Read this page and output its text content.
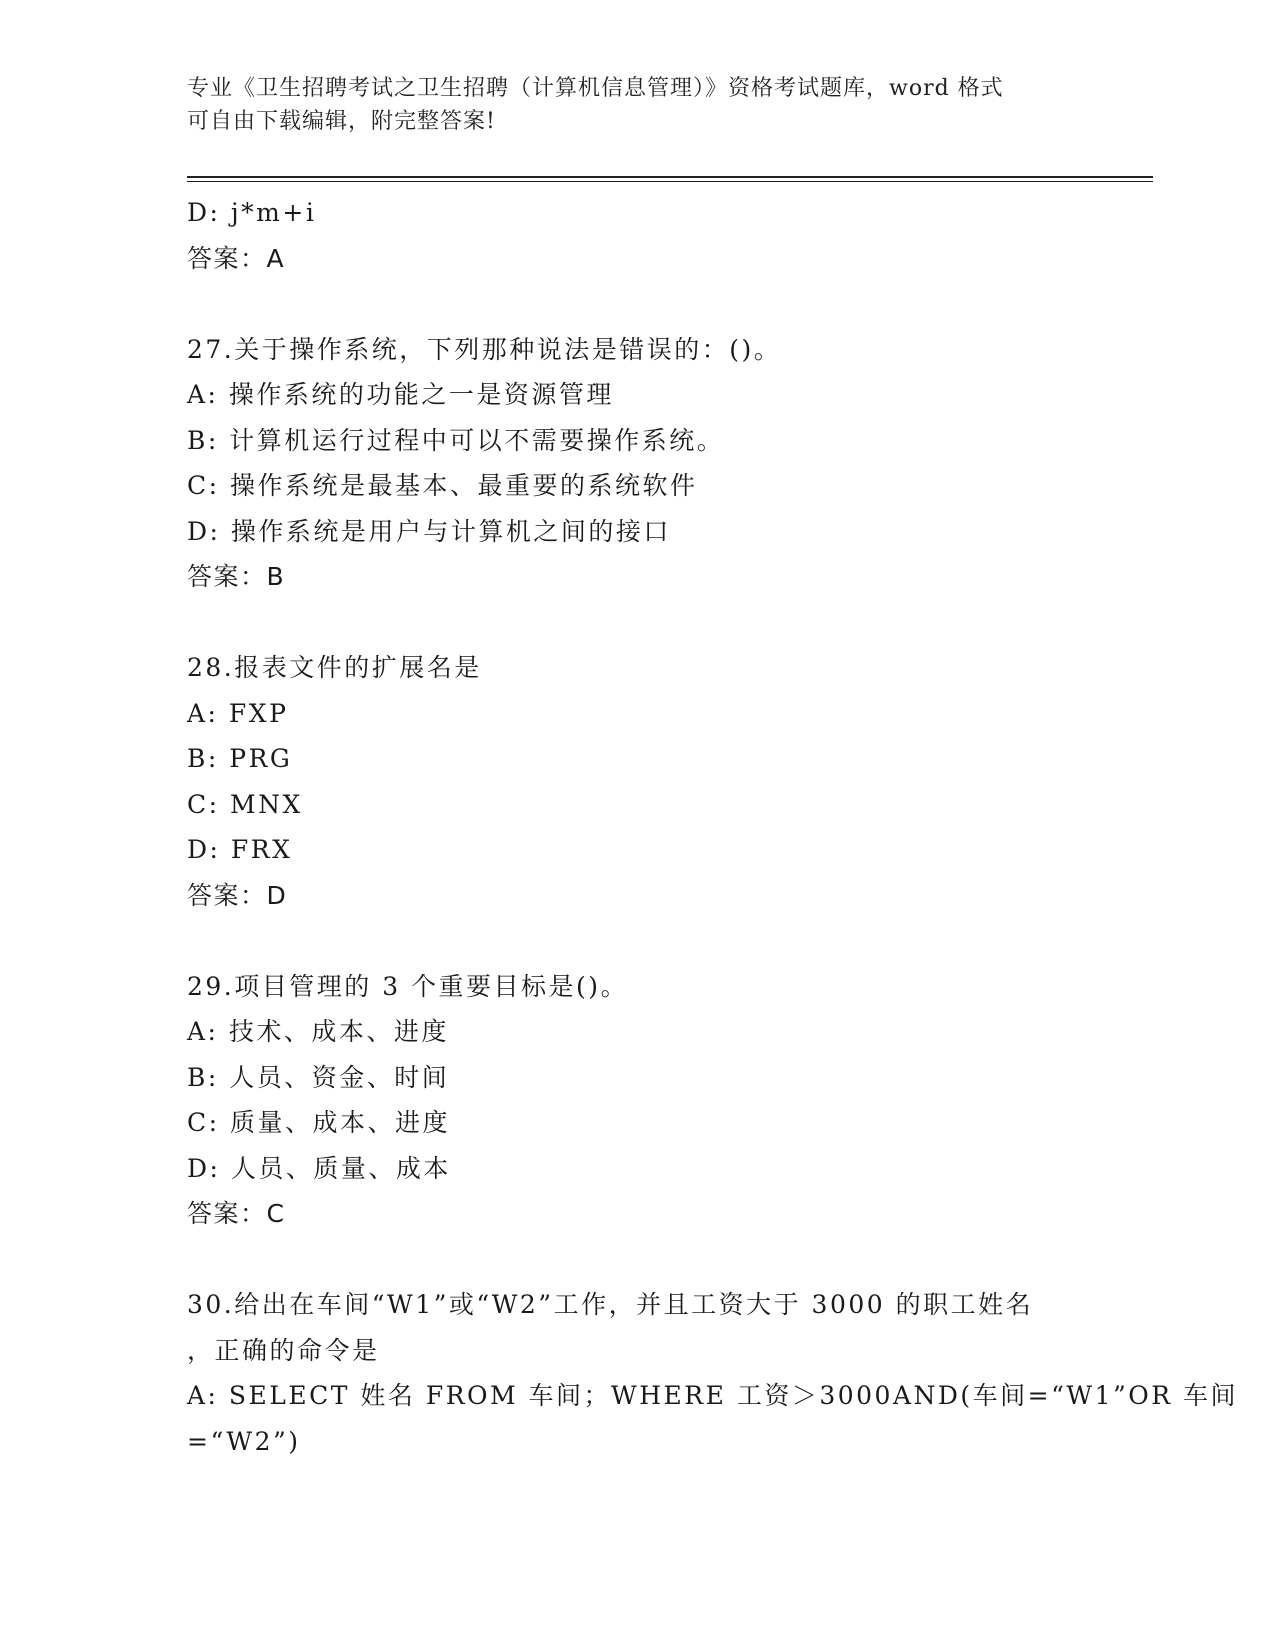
专业《卫生招聘考试之卫生招聘（计算机信息管理）》资格考试题库，word 格式
可自由下载编辑，附完整答案!
D: j*m+i
答案：A
27.关于操作系统，下列那种说法是错误的：()。
A: 操作系统的功能之一是资源管理
B: 计算机运行过程中可以不需要操作系统。
C: 操作系统是最基本、最重要的系统软件
D: 操作系统是用户与计算机之间的接口
答案：B
28.报表文件的扩展名是
A: FXP
B: PRG
C: MNX
D: FRX
答案：D
29.项目管理的 3 个重要目标是()。
A: 技术、成本、进度
B: 人员、资金、时间
C: 质量、成本、进度
D: 人员、质量、成本
答案：C
30.给出在车间“W1”或“W2”工作，并且工资大于 3000 的职工姓名
，正确的命令是
A: SELECT 姓名 FROM 车间；WHERE 工资＞3000AND(车间=“W1”OR 车间
=“W2”)
